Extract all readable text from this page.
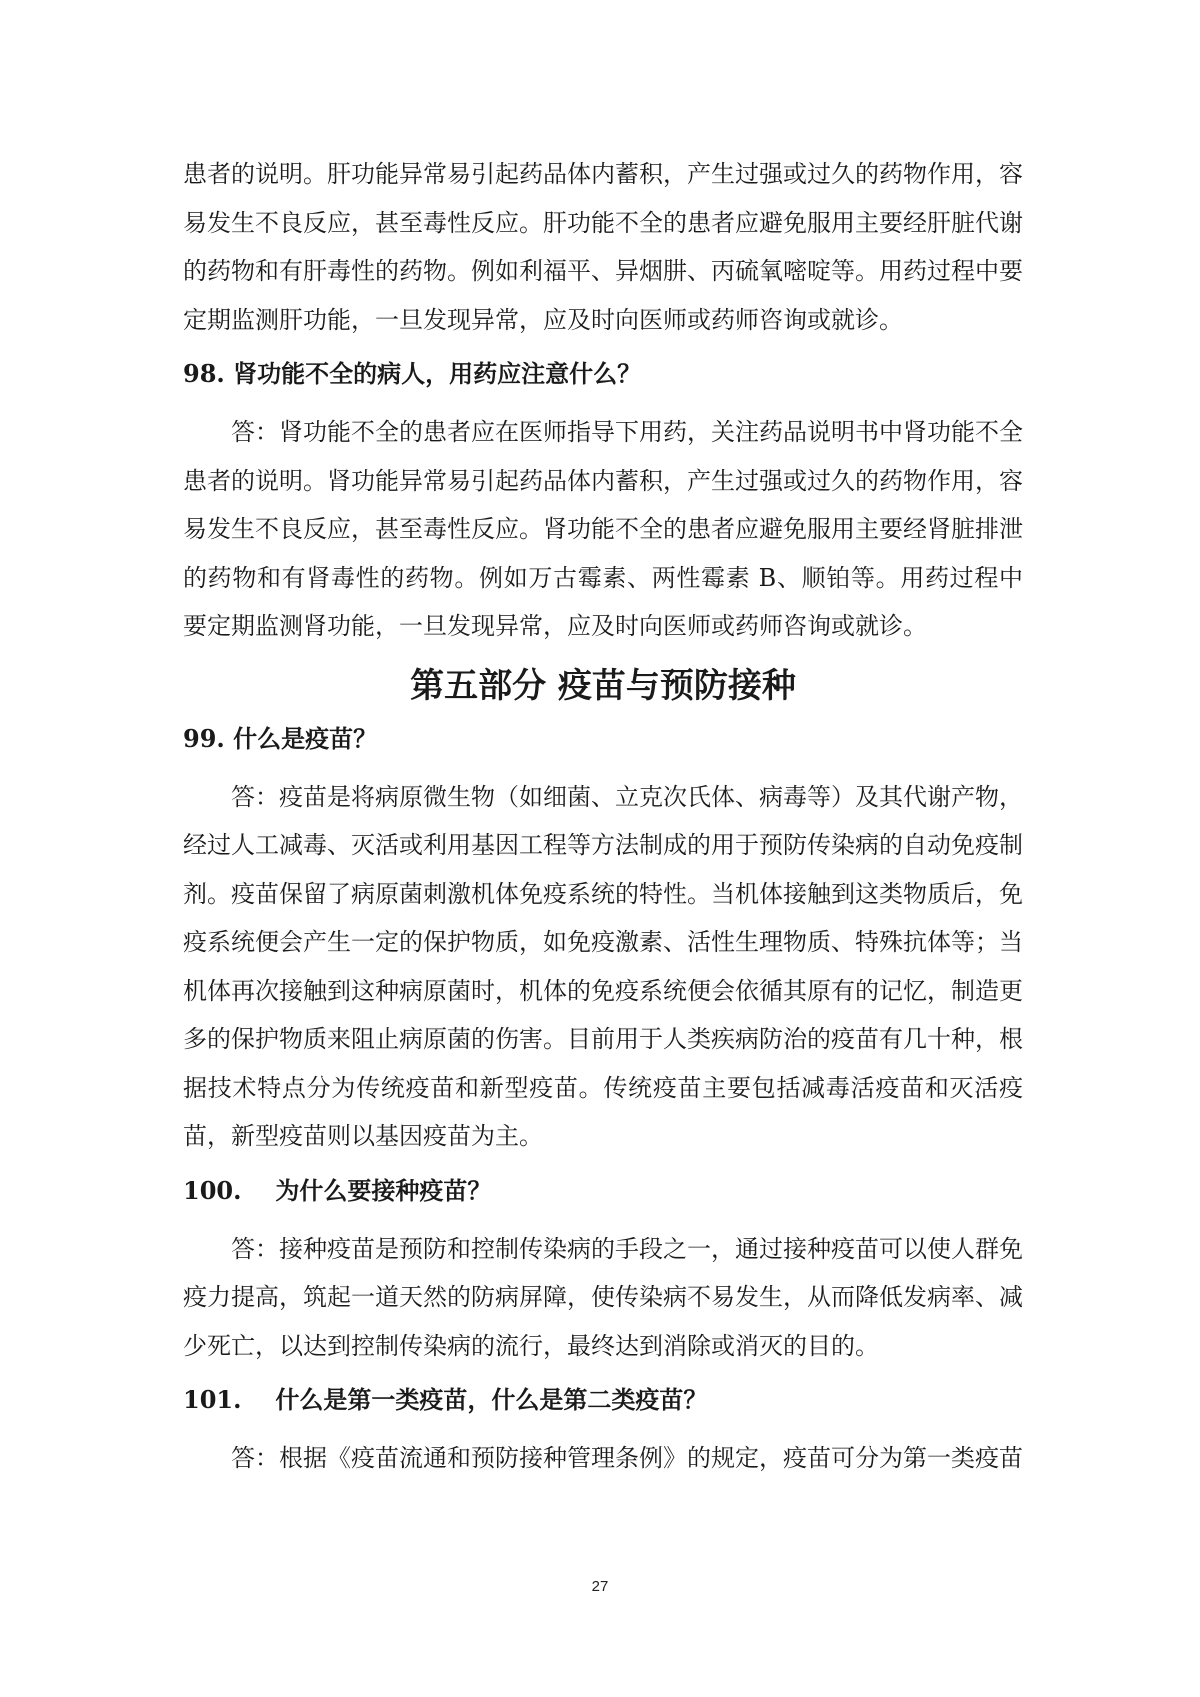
患者的说明。肝功能异常易引起药品体内蓄积，产生过强或过久的药物作用，容易发生不良反应，甚至毒性反应。肝功能不全的患者应避免服用主要经肝脏代谢的药物和有肝毒性的药物。例如利福平、异烟肼、丙硫氧嘧啶等。用药过程中要定期监测肝功能，一旦发现异常，应及时向医师或药师咨询或就诊。

98. 肾功能不全的病人，用药应注意什么？

答：肾功能不全的患者应在医师指导下用药，关注药品说明书中肾功能不全患者的说明。肾功能异常易引起药品体内蓄积，产生过强或过久的药物作用，容易发生不良反应，甚至毒性反应。肾功能不全的患者应避免服用主要经肾脏排泄的药物和有肾毒性的药物。例如万古霉素、两性霉素 B、顺铂等。用药过程中要定期监测肾功能，一旦发现异常，应及时向医师或药师咨询或就诊。

第五部分 疫苗与预防接种

99. 什么是疫苗？

答：疫苗是将病原微生物（如细菌、立克次氏体、病毒等）及其代谢产物，经过人工减毒、灭活或利用基因工程等方法制成的用于预防传染病的自动免疫制剂。疫苗保留了病原菌刺激机体免疫系统的特性。当机体接触到这类物质后，免疫系统便会产生一定的保护物质，如免疫激素、活性生理物质、特殊抗体等；当机体再次接触到这种病原菌时，机体的免疫系统便会依循其原有的记忆，制造更多的保护物质来阻止病原菌的伤害。目前用于人类疾病防治的疫苗有几十种，根据技术特点分为传统疫苗和新型疫苗。传统疫苗主要包括减毒活疫苗和灭活疫苗，新型疫苗则以基因疫苗为主。

100. 为什么要接种疫苗？

答：接种疫苗是预防和控制传染病的手段之一，通过接种疫苗可以使人群免疫力提高，筑起一道天然的防病屏障，使传染病不易发生，从而降低发病率、减少死亡，以达到控制传染病的流行，最终达到消除或消灭的目的。

101. 什么是第一类疫苗，什么是第二类疫苗？

答：根据《疫苗流通和预防接种管理条例》的规定，疫苗可分为第一类疫苗

27
